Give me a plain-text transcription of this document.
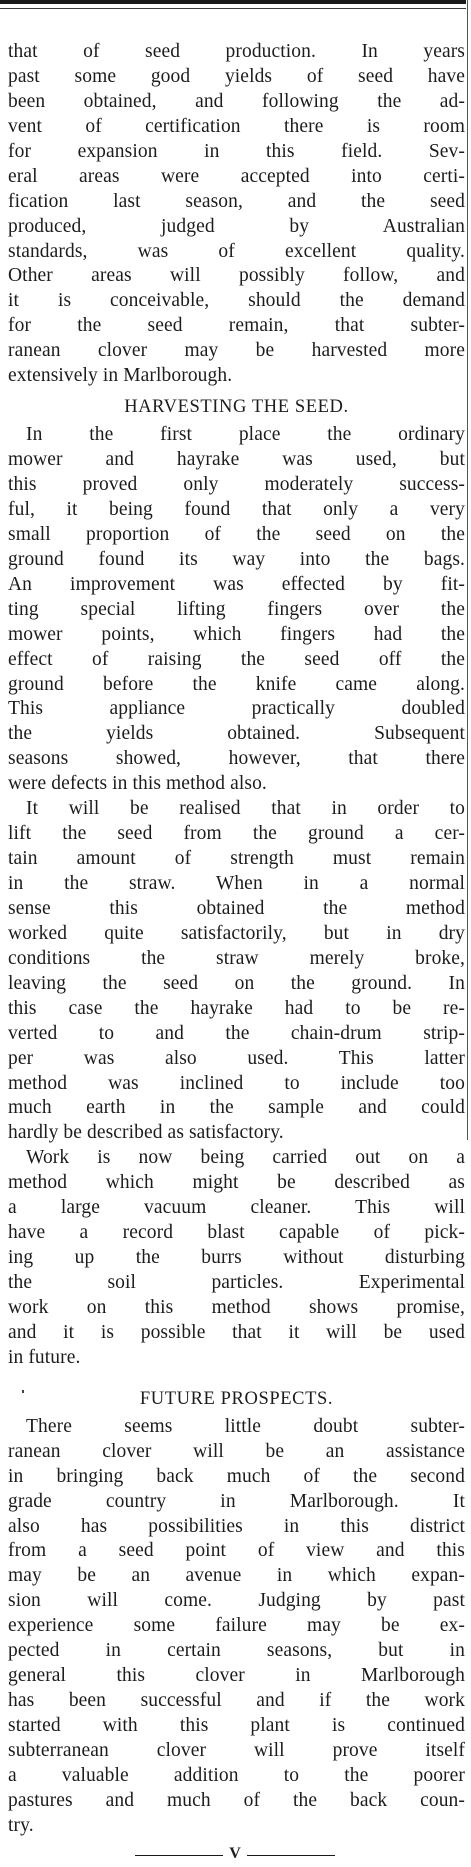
that of seed production. In years
past some good yields of seed have
been obtained, and following the ad-
vent of certification there is room
for expansion in this field. Sev-
eral areas were accepted into certi-
fication last season, and the seed
produced, judged by Australian
standards, was of excellent quality.
Other areas will possibly follow, and
it is conceivable, should the demand
for the seed remain, that subter-
ranean clover may be harvested more
extensively in Marlborough.

HARVESTING THE SEED.

In the first place the ordinary
mower and hayrake was used, but
this proved only moderately success-
ful, it being found that only a very
small proportion of the seed on the
ground found its way into the bags.
An improvement was effected by fit-
ting special lifting fingers over the
mower points, which fingers had the
effect of raising the seed off the
ground before the knife came along.
This appliance practically doubled
the yields obtained. Subsequent
seasons showed, however, that there
were defects in this method also.

It will be realised that in order to
lift the seed from the ground a cer-
tain amount of strength must remain
in the straw. When in a normal
sense this obtained the method
worked quite satisfactorily, but in dry
conditions the straw merely broke,
leaving the seed on the ground. In
this case the hayrake had to be re-
verted to and the chain-drum strip-
per was also used. This latter
method was inclined to include too
much earth in the sample and could
hardly be described as satisfactory.

Work is now being carried out on a
method which might be described as
a large vacuum cleaner. This will
have a record blast capable of pick-
ing up the burrs without disturbing
the soil particles. Experimental
work on this method shows promise,
and it is possible that it will be used
in future.

FUTURE PROSPECTS.

There seems little doubt subter-
ranean clover will be an assistance
in bringing back much of the second
grade country in Marlborough. It
also has possibilities in this district
from a seed point of view and this
may be an avenue in which expan-
sion will come. Judging by past
experience some failure may be ex-
pected in certain seasons, but in
general this clover in Marlborough
has been successful and if the work
started with this plant is continued
subterranean clover will prove itself
a valuable addition to the poorer
pastures and much of the back coun-
try.

V
